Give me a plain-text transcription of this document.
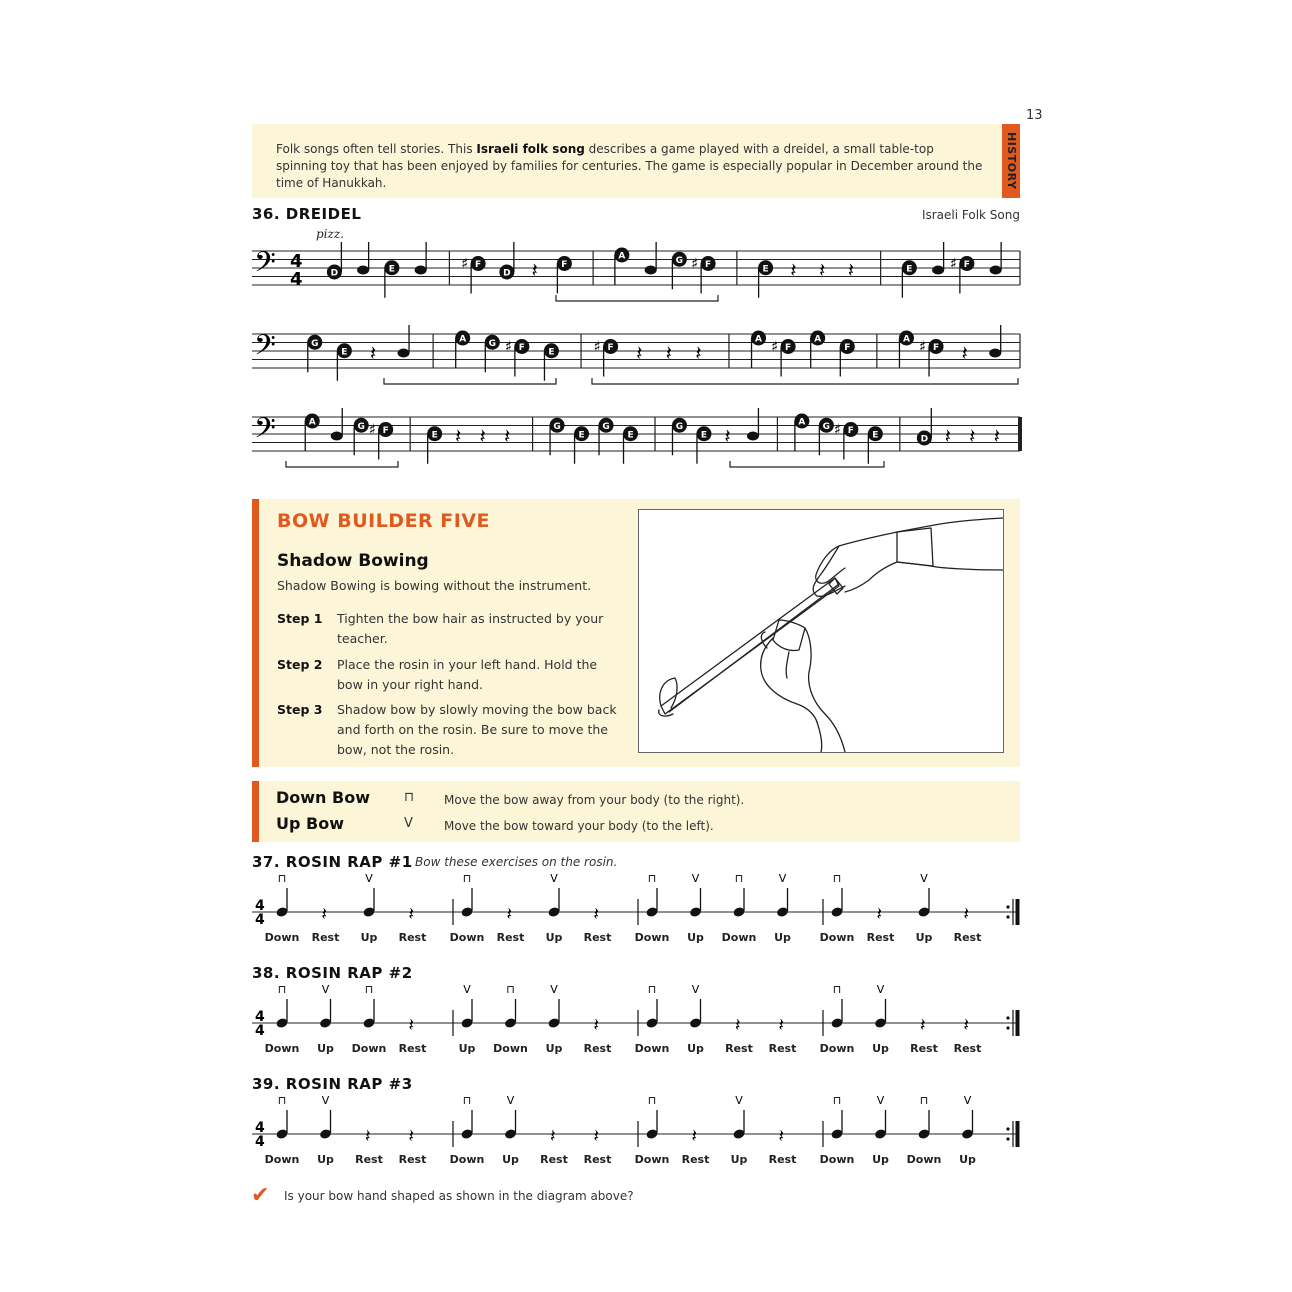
13
Folk songs often tell stories. This Israeli folk song describes a game played with a dreidel, a small table-top spinning toy that has been enjoyed by families for centuries. The game is especially popular in December around the time of Hanukkah.	HISTORY
36. DREIDEL	Israeli Folk Song
pizz.
𝄢 4
4	D	E	♯ F
D 𝄽	F
A	G ♯ F	E 𝄽 𝄽 𝄽	E ♯ F
𝄢	G
E 𝄽
A G ♯ F	E	♯ F 𝄽 𝄽 𝄽
A ♯ F
A
F
A ♯ F 𝄽
𝄢	A	G ♯ F	E 𝄽 𝄽 𝄽	G
E
G
E
G
E 𝄽
A G ♯ F E	D 𝄽 𝄽 𝄽
BOW BUILDER FIVE
Shadow Bowing
Shadow Bowing is bowing without the instrument.
Step 1 Tighten the bow hair as instructed by your teacher.
Step 2 Place the rosin in your left hand. Hold the bow in your right hand.
Step 3 Shadow bow by slowly moving the bow back and forth on the rosin. Be sure to move the bow, not the rosin.
Down Bow	⊓ Move the bow away from your body (to the right).
Up Bow	V	Move the bow toward your body (to the left).
37. ROSIN RAP #1 Bow these exercises on the rosin.
38. ROSIN RAP #2
39. ROSIN RAP #3
4
4
⊓
Down
𝄽
Rest
V
Up
𝄽
Rest
⊓
Down
𝄽
Rest
V
Up
𝄽
Rest
⊓
Down
V
Up
⊓
Down
V
Up
⊓
Down
𝄽
Rest
V
Up
𝄽
Rest
4
4
⊓
Down
V
Up
⊓
Down
𝄽
Rest
V
Up
⊓
Down
V
Up
𝄽
Rest
⊓
Down
V
Up
𝄽
Rest
𝄽
Rest
⊓
Down
V
Up
𝄽
Rest
𝄽
Rest
4
4
⊓
Down
V
Up
𝄽
Rest
𝄽
Rest
⊓
Down
V
Up
𝄽
Rest
𝄽
Rest
⊓
Down
𝄽
Rest
V
Up
𝄽
Rest
⊓
Down
V
Up
⊓
Down
V
Up
✔ Is your bow hand shaped as shown in the diagram above?
